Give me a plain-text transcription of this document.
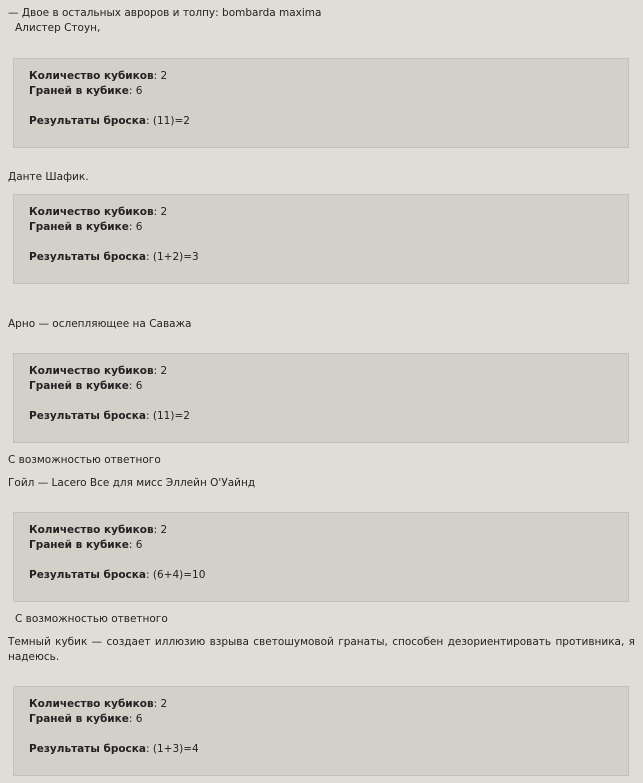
— Двое в остальных авроров и толпу: bombarda maxima
Алистер Стоун,
Количество кубиков: 2
Граней в кубике: 6
Результаты броска: (11)=2
Данте Шафик.
Количество кубиков: 2
Граней в кубике: 6
Результаты броска: (1+2)=3
Арно — ослепляющее на Саважа
Количество кубиков: 2
Граней в кубике: 6
Результаты броска: (11)=2
С возможностью ответного
Гойл — Lacero Все для мисс Эллейн О'Уайнд
Количество кубиков: 2
Граней в кубике: 6
Результаты броска: (6+4)=10
С возможностью ответного
Темный кубик — создает иллюзию взрыва светошумовой гранаты, способен дезориентировать противника, я надеюсь.
Количество кубиков: 2
Граней в кубике: 6
Результаты броска: (1+3)=4
